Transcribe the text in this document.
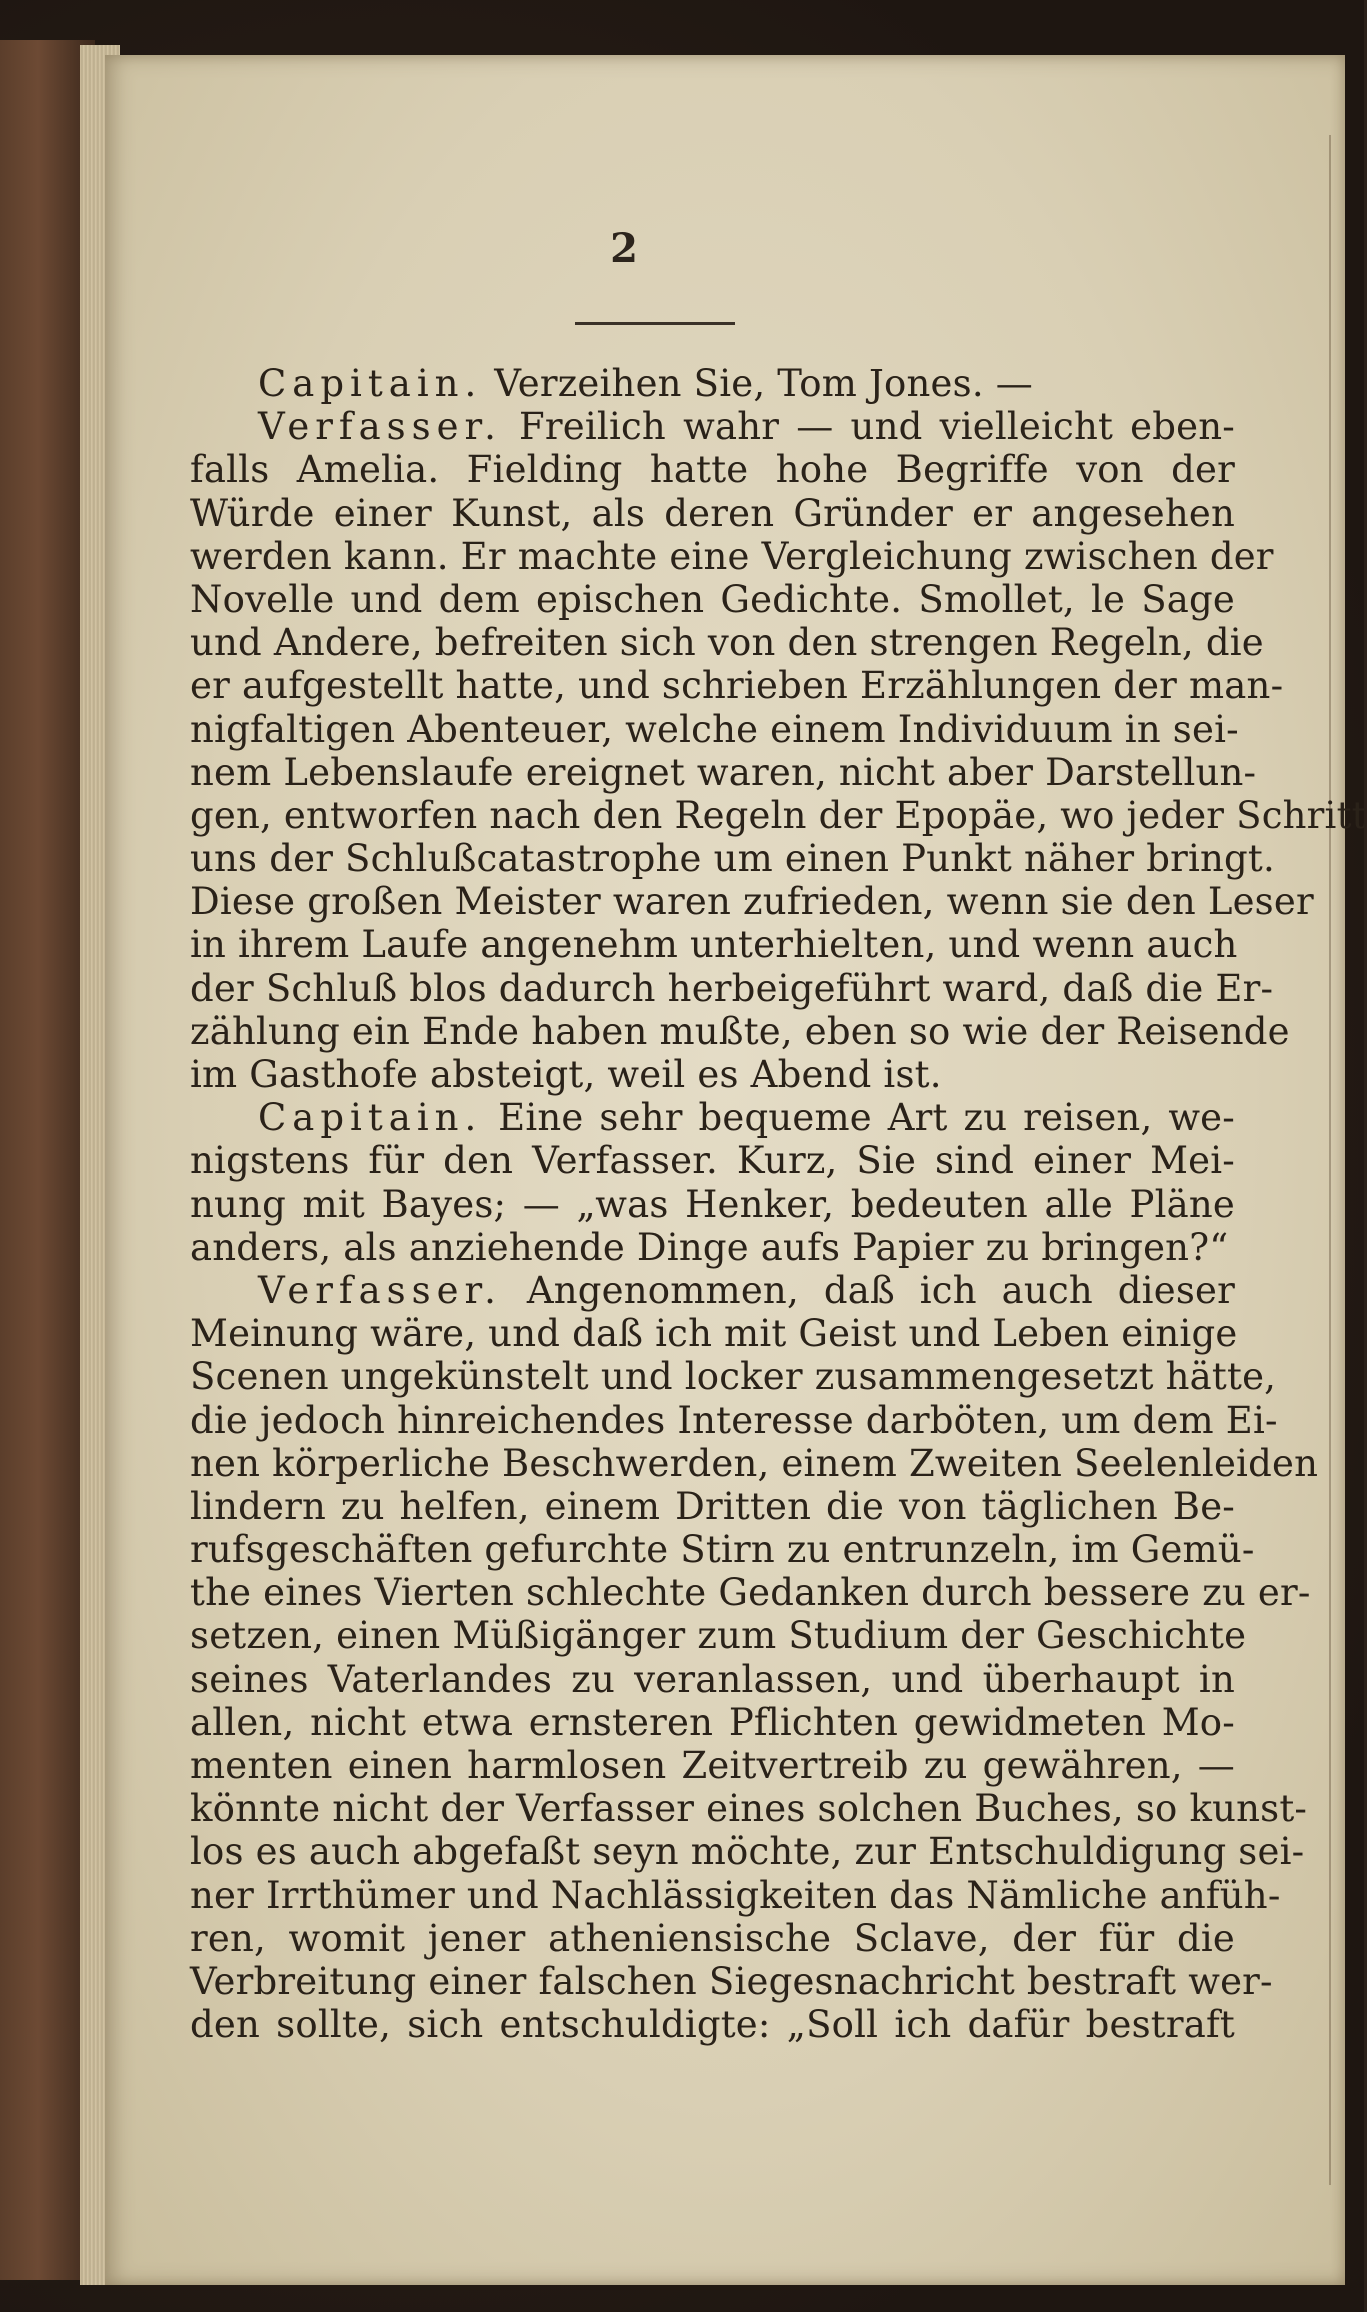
2
Capitain. Verzeihen Sie, Tom Jones. —
Verfasser. Freilich wahr — und vielleicht eben-
falls Amelia. Fielding hatte hohe Begriffe von der
Würde einer Kunst, als deren Gründer er angesehen
werden kann. Er machte eine Vergleichung zwischen der
Novelle und dem epischen Gedichte. Smollet, le Sage
und Andere, befreiten sich von den strengen Regeln, die
er aufgestellt hatte, und schrieben Erzählungen der man-
nigfaltigen Abenteuer, welche einem Individuum in sei-
nem Lebenslaufe ereignet waren, nicht aber Darstellun-
gen, entworfen nach den Regeln der Epopäe, wo jeder Schritt
uns der Schlußcatastrophe um einen Punkt näher bringt.
Diese großen Meister waren zufrieden, wenn sie den Leser
in ihrem Laufe angenehm unterhielten, und wenn auch
der Schluß blos dadurch herbeigeführt ward, daß die Er-
zählung ein Ende haben mußte, eben so wie der Reisende
im Gasthofe absteigt, weil es Abend ist.
Capitain. Eine sehr bequeme Art zu reisen, we-
nigstens für den Verfasser. Kurz, Sie sind einer Mei-
nung mit Bayes; — „was Henker, bedeuten alle Pläne
anders, als anziehende Dinge aufs Papier zu bringen?“
Verfasser. Angenommen, daß ich auch dieser
Meinung wäre, und daß ich mit Geist und Leben einige
Scenen ungekünstelt und locker zusammengesetzt hätte,
die jedoch hinreichendes Interesse darböten, um dem Ei-
nen körperliche Beschwerden, einem Zweiten Seelenleiden
lindern zu helfen, einem Dritten die von täglichen Be-
rufsgeschäften gefurchte Stirn zu entrunzeln, im Gemü-
the eines Vierten schlechte Gedanken durch bessere zu er-
setzen, einen Müßigänger zum Studium der Geschichte
seines Vaterlandes zu veranlassen, und überhaupt in
allen, nicht etwa ernsteren Pflichten gewidmeten Mo-
menten einen harmlosen Zeitvertreib zu gewähren, —
könnte nicht der Verfasser eines solchen Buches, so kunst-
los es auch abgefaßt seyn möchte, zur Entschuldigung sei-
ner Irrthümer und Nachlässigkeiten das Nämliche anfüh-
ren, womit jener atheniensische Sclave, der für die
Verbreitung einer falschen Siegesnachricht bestraft wer-
den sollte, sich entschuldigte: „Soll ich dafür bestraft
